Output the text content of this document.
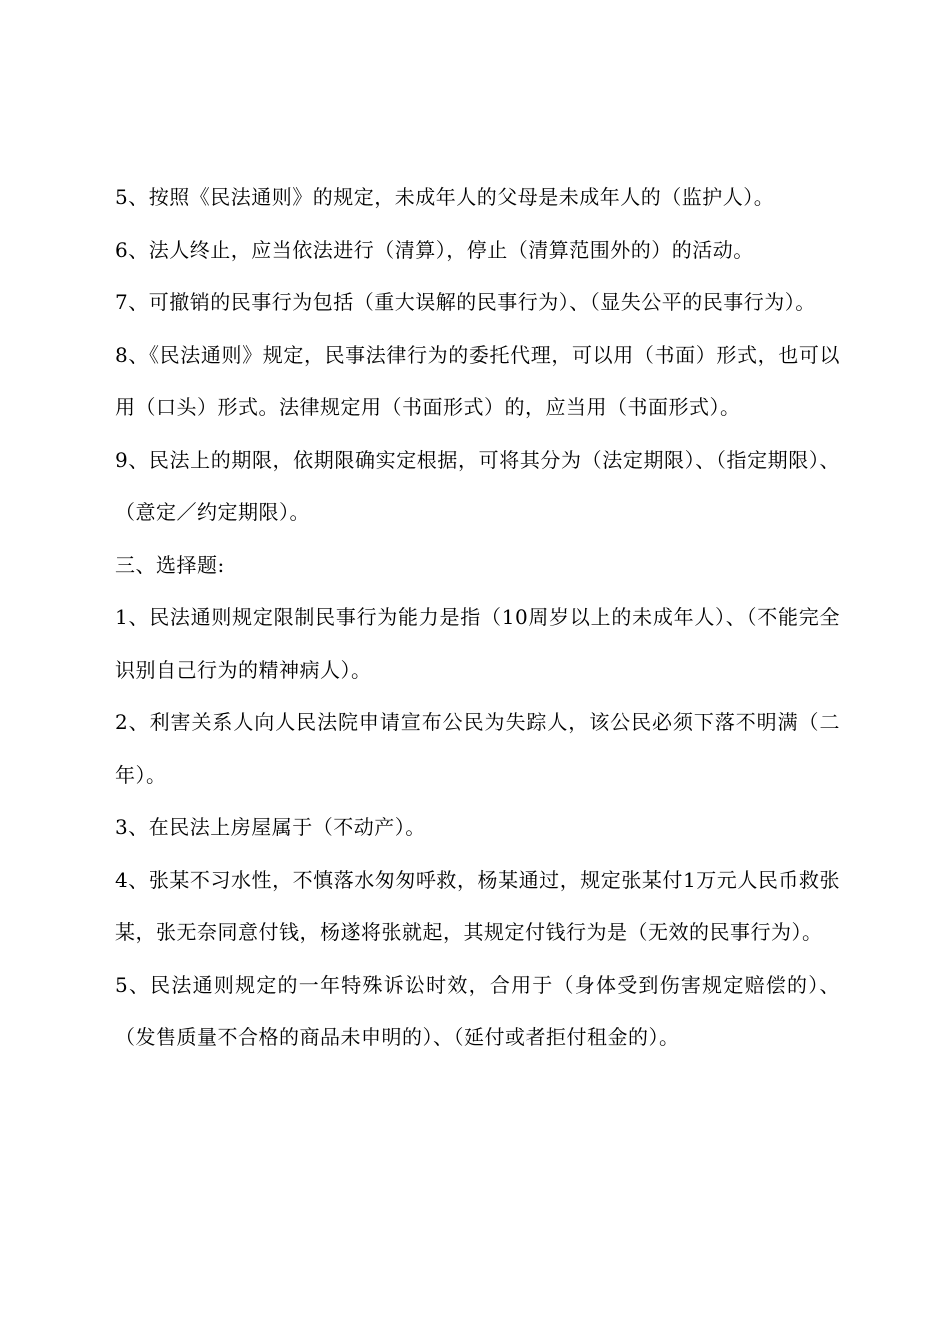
5、按照《民法通则》的规定，未成年人的父母是未成年人的（监护人）。

6、法人终止，应当依法进行（清算），停止（清算范围外的）的活动。

7、可撤销的民事行为包括（重大误解的民事行为）、（显失公平的民事行为）。

8、《民法通则》规定，民事法律行为的委托代理，可以用（书面）形式，也可以用（口头）形式。法律规定用（书面形式）的，应当用（书面形式）。

9、民法上的期限，依期限确实定根据，可将其分为（法定期限）、（指定期限）、（意定／约定期限）。

三、选择题:

1、民法通则规定限制民事行为能力是指（10周岁以上的未成年人）、（不能完全识别自己行为的精神病人）。

2、利害关系人向人民法院申请宣布公民为失踪人，该公民必须下落不明满（二年）。

3、在民法上房屋属于（不动产）。

4、张某不习水性，不慎落水匆匆呼救，杨某通过，规定张某付1万元人民币救张某，张无奈同意付钱，杨遂将张就起，其规定付钱行为是（无效的民事行为）。

5、民法通则规定的一年特殊诉讼时效，合用于（身体受到伤害规定赔偿的）、（发售质量不合格的商品未申明的）、（延付或者拒付租金的）。
